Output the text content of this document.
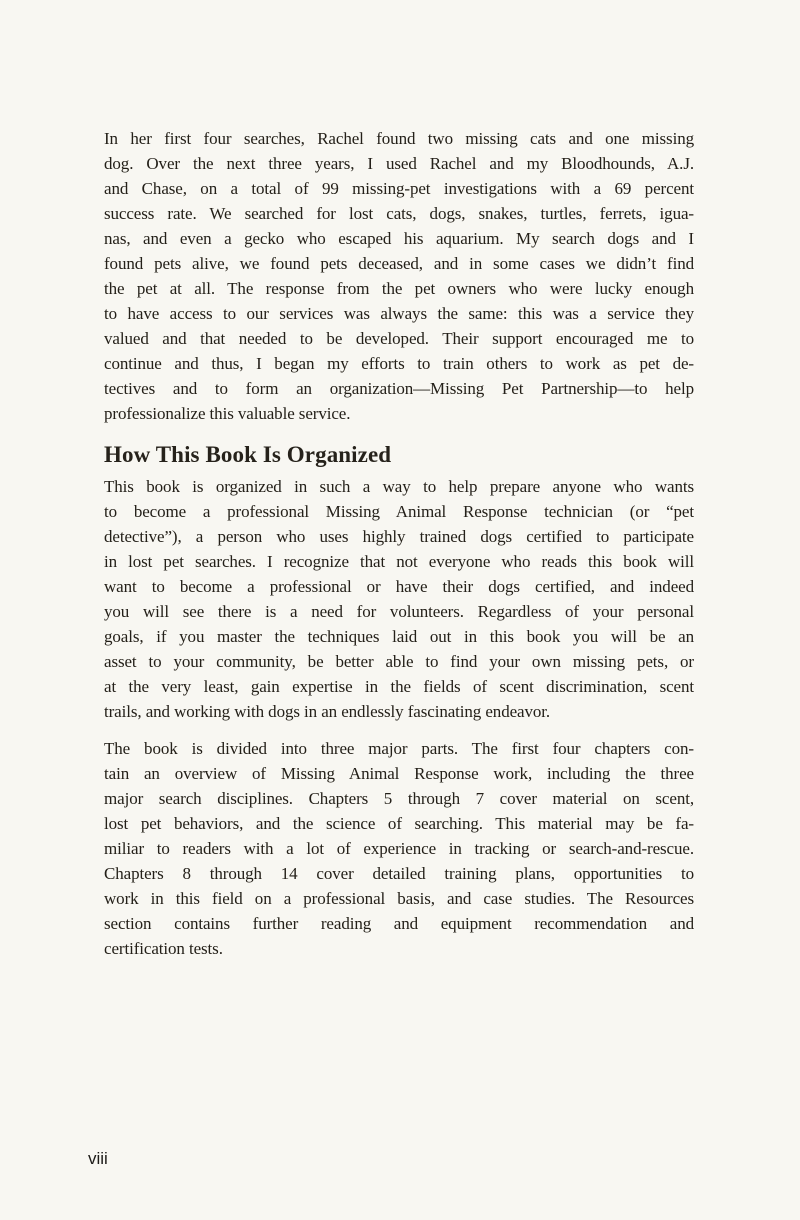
In her first four searches, Rachel found two missing cats and one missing
dog. Over the next three years, I used Rachel and my Bloodhounds, A.J.
and Chase, on a total of 99 missing-pet investigations with a 69 percent
success rate. We searched for lost cats, dogs, snakes, turtles, ferrets, igua-
nas, and even a gecko who escaped his aquarium. My search dogs and I
found pets alive, we found pets deceased, and in some cases we didn’t find
the pet at all. The response from the pet owners who were lucky enough
to have access to our services was always the same: this was a service they
valued and that needed to be developed. Their support encouraged me to
continue and thus, I began my efforts to train others to work as pet de-
tectives and to form an organization—Missing Pet Partnership—to help
professionalize this valuable service.

How This Book Is Organized

This book is organized in such a way to help prepare anyone who wants
to become a professional Missing Animal Response technician (or “pet
detective”), a person who uses highly trained dogs certified to participate
in lost pet searches. I recognize that not everyone who reads this book will
want to become a professional or have their dogs certified, and indeed
you will see there is a need for volunteers. Regardless of your personal
goals, if you master the techniques laid out in this book you will be an
asset to your community, be better able to find your own missing pets, or
at the very least, gain expertise in the fields of scent discrimination, scent
trails, and working with dogs in an endlessly fascinating endeavor.

The book is divided into three major parts. The first four chapters con-
tain an overview of Missing Animal Response work, including the three
major search disciplines. Chapters 5 through 7 cover material on scent,
lost pet behaviors, and the science of searching. This material may be fa-
miliar to readers with a lot of experience in tracking or search-and-rescue.
Chapters 8 through 14 cover detailed training plans, opportunities to
work in this field on a professional basis, and case studies. The Resources
section contains further reading and equipment recommendation and
certification tests.

viii
